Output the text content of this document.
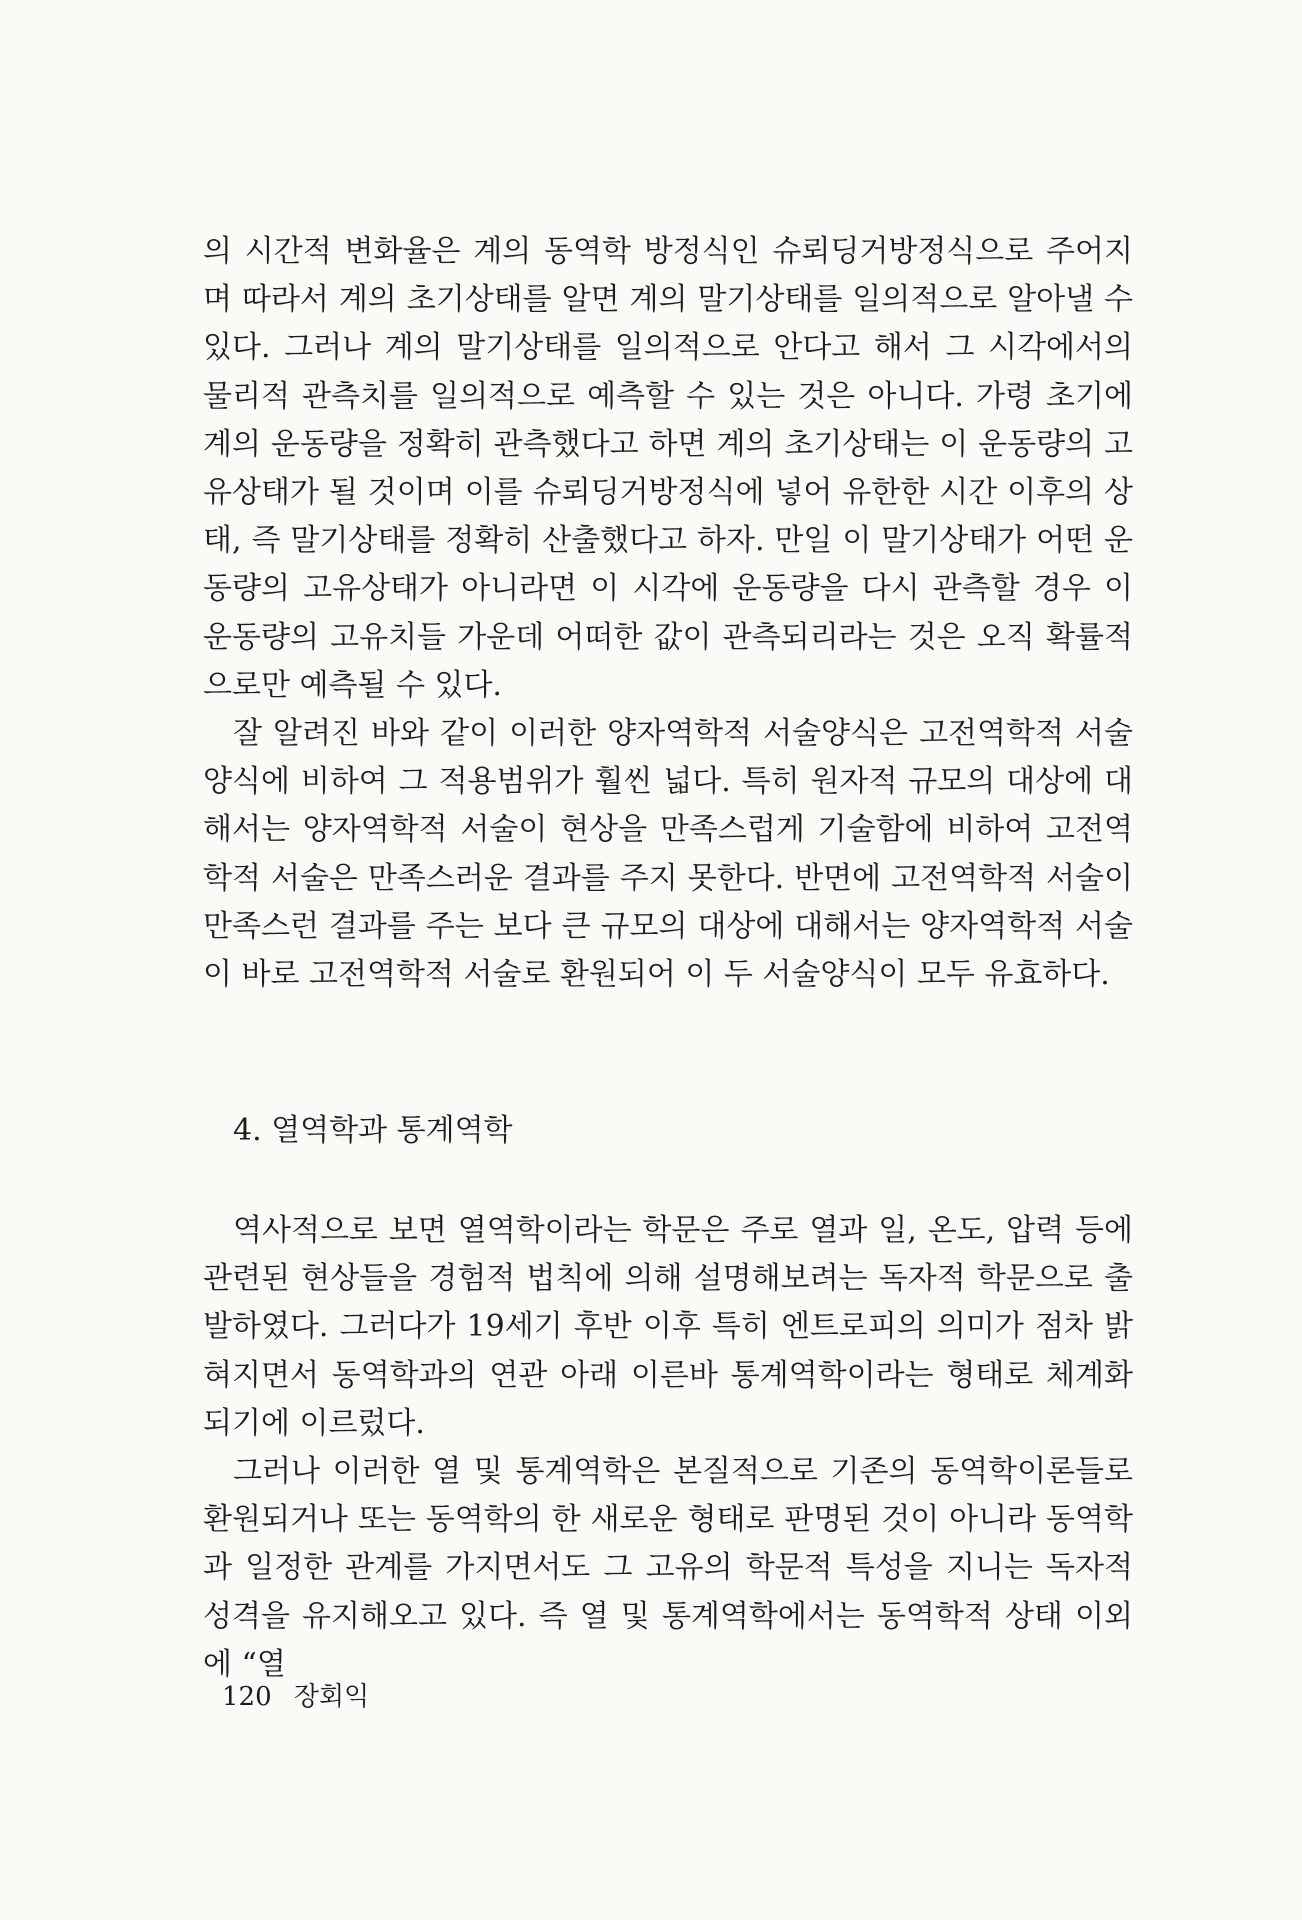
의 시간적 변화율은 계의 동역학 방정식인 슈뢰딩거방정식으로 주어지며 따라서 계의 초기상태를 알면 계의 말기상태를 일의적으로 알아낼 수 있다. 그러나 계의 말기상태를 일의적으로 안다고 해서 그 시각에서의 물리적 관측치를 일의적으로 예측할 수 있는 것은 아니다. 가령 초기에 계의 운동량을 정확히 관측했다고 하면 계의 초기상태는 이 운동량의 고유상태가 될 것이며 이를 슈뢰딩거방정식에 넣어 유한한 시간 이후의 상태, 즉 말기상태를 정확히 산출했다고 하자. 만일 이 말기상태가 어떤 운동량의 고유상태가 아니라면 이 시각에 운동량을 다시 관측할 경우 이 운동량의 고유치들 가운데 어떠한 값이 관측되리라는 것은 오직 확률적으로만 예측될 수 있다.

잘 알려진 바와 같이 이러한 양자역학적 서술양식은 고전역학적 서술양식에 비하여 그 적용범위가 훨씬 넓다. 특히 원자적 규모의 대상에 대해서는 양자역학적 서술이 현상을 만족스럽게 기술함에 비하여 고전역학적 서술은 만족스러운 결과를 주지 못한다. 반면에 고전역학적 서술이 만족스런 결과를 주는 보다 큰 규모의 대상에 대해서는 양자역학적 서술이 바로 고전역학적 서술로 환원되어 이 두 서술양식이 모두 유효하다.

4. 열역학과 통계역학

역사적으로 보면 열역학이라는 학문은 주로 열과 일, 온도, 압력 등에 관련된 현상들을 경험적 법칙에 의해 설명해보려는 독자적 학문으로 출발하였다. 그러다가 19세기 후반 이후 특히 엔트로피의 의미가 점차 밝혀지면서 동역학과의 연관 아래 이른바 통계역학이라는 형태로 체계화되기에 이르렀다.

그러나 이러한 열 및 통계역학은 본질적으로 기존의 동역학이론들로 환원되거나 또는 동역학의 한 새로운 형태로 판명된 것이 아니라 동역학과 일정한 관계를 가지면서도 그 고유의 학문적 특성을 지니는 독자적 성격을 유지해오고 있다. 즉 열 및 통계역학에서는 동역학적 상태 이외에 “열

120 장회익
